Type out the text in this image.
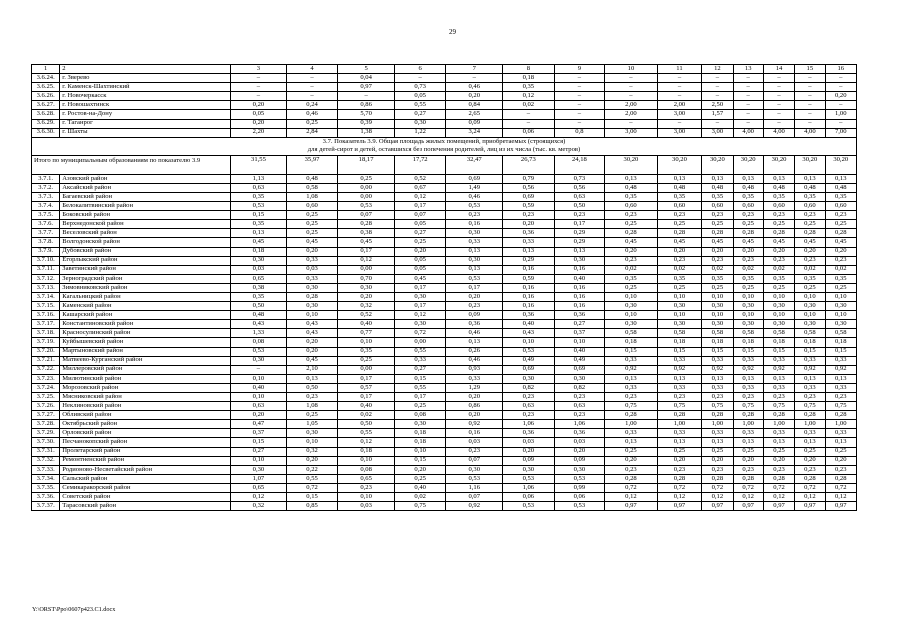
29
1	2	3	4	5	6	7	8	9	10	11	12	13	14	15	16
3.6.24.	г. Зверево	–	–	0,04	–	–	0,18	–	–	–	–	–	–	–	–
3.6.25.	г. Каменск-Шахтинский	–	–	0,97	0,73	0,46	0,35	–	–	–	–	–	–	–	–
3.6.26.	г. Новочеркасск	–	–	–	0,05	0,20	0,12	–	–	–	–	–	–	–	0,20
3.6.27.	г. Новошахтинск	0,20	0,24	0,86	0,55	0,84	0,02	–	2,00	2,00	2,50	–	–	–	–
3.6.28.	г. Ростов-на-Дону	0,05	0,46	5,70	0,27	2,65	–	–	2,00	3,00	1,57	–	–	–	1,00
3.6.29.	г. Таганрог	0,20	0,25	0,39	0,30	0,09	–	–	–	–	–	–	–	–	–
3.6.30.	г. Шахты	2,20	2,84	1,38	1,22	3,24	0,06	0,8	3,00	3,00	3,00	4,00	4,00	4,00	7,00

3.7. Показатель 3.9. Общая площадь жилых помещений, приобретаемых (строящихся)
для детей-сирот и детей, оставшихся без попечения родителей, лиц из их числа (тыс. кв. метров)															

Итого по муниципальным образованиям по показателю 3.9		31,55	35,97	18,17	17,72	32,47	26,73	24,18	30,20	30,20	30,20	30,20	30,20	30,20	30,20
3.7.1.	Азовский район	1,13	0,48	0,25	0,52	0,69	0,79	0,73	0,13	0,13	0,13	0,13	0,13	0,13	0,13
3.7.2.	Аксайский район	0,63	0,58	0,00	0,67	1,49	0,56	0,56	0,48	0,48	0,48	0,48	0,48	0,48	0,48
3.7.3.	Багаевский район	0,35	1,08	0,00	0,12	0,46	0,69	0,63	0,35	0,35	0,35	0,35	0,35	0,35	0,35
3.7.4.	Белокалитвинский район	0,53	0,60	0,53	0,17	0,53	0,59	0,50	0,60	0,60	0,60	0,60	0,60	0,60	0,60
3.7.5.	Боковский район	0,15	0,25	0,07	0,07	0,23	0,23	0,23	0,23	0,23	0,23	0,23	0,23	0,23	0,23
3.7.6.	Верхнедонской район	0,35	0,25	0,28	0,05	0,16	0,20	0,17	0,25	0,25	0,25	0,25	0,25	0,25	0,25
3.7.7.	Веселовский район	0,13	0,25	0,38	0,27	0,30	0,36	0,29	0,28	0,28	0,28	0,28	0,28	0,28	0,28
3.7.8.	Волгодонской район	0,45	0,45	0,45	0,25	0,33	0,33	0,29	0,45	0,45	0,45	0,45	0,45	0,45	0,45
3.7.9.	Дубовский район	0,18	0,20	0,17	0,20	0,13	0,13	0,13	0,20	0,20	0,20	0,20	0,20	0,20	0,20
3.7.10.	Егорлыкский район	0,30	0,33	0,12	0,05	0,30	0,29	0,30	0,23	0,23	0,23	0,23	0,23	0,23	0,23
3.7.11.	Заветинский район	0,03	0,03	0,00	0,05	0,13	0,16	0,16	0,02	0,02	0,02	0,02	0,02	0,02	0,02
3.7.12.	Зерноградский район	0,65	0,33	0,70	0,45	0,53	0,59	0,40	0,35	0,35	0,35	0,35	0,35	0,35	0,35
3.7.13.	Зимовниковский район	0,38	0,30	0,30	0,17	0,17	0,16	0,16	0,25	0,25	0,25	0,25	0,25	0,25	0,25
3.7.14.	Кагальницкий район	0,35	0,28	0,20	0,30	0,20	0,16	0,16	0,10	0,10	0,10	0,10	0,10	0,10	0,10
3.7.15.	Каменский район	0,50	0,30	0,32	0,17	0,23	0,16	0,16	0,30	0,30	0,30	0,30	0,30	0,30	0,30
3.7.16.	Кашарский район	0,48	0,10	0,52	0,12	0,09	0,36	0,36	0,10	0,10	0,10	0,10	0,10	0,10	0,10
3.7.17.	Константиновский район	0,43	0,43	0,40	0,30	0,36	0,40	0,27	0,30	0,30	0,30	0,30	0,30	0,30	0,30
3.7.18.	Красносулинский район	1,33	0,43	0,77	0,72	0,46	0,43	0,37	0,58	0,58	0,58	0,58	0,58	0,58	0,58
3.7.19.	Куйбышевский район	0,08	0,20	0,10	0,00	0,13	0,10	0,10	0,18	0,18	0,18	0,18	0,18	0,18	0,18
3.7.20.	Мартыновский район	0,53	0,20	0,35	0,55	0,26	0,53	0,40	0,15	0,15	0,15	0,15	0,15	0,15	0,15
3.7.21.	Матвеево-Курганский район	0,30	0,45	0,25	0,33	0,46	0,49	0,49	0,33	0,33	0,33	0,33	0,33	0,33	0,33
3.7.22.	Миллеровский район	–	2,10	0,00	0,27	0,93	0,69	0,69	0,92	0,92	0,92	0,92	0,92	0,92	0,92
3.7.23.	Милютинский район	0,10	0,13	0,17	0,15	0,33	0,30	0,30	0,13	0,13	0,13	0,13	0,13	0,13	0,13
3.7.24.	Морозовский район	0,40	0,50	0,57	0,55	1,29	0,82	0,82	0,33	0,33	0,33	0,33	0,33	0,33	0,33
3.7.25.	Мясниковский район	0,10	0,23	0,17	0,17	0,20	0,23	0,23	0,23	0,23	0,23	0,23	0,23	0,23	0,23
3.7.26.	Неклиновский район	0,63	1,08	0,40	0,25	0,86	0,63	0,63	0,75	0,75	0,75	0,75	0,75	0,75	0,75
3.7.27.	Обливский район	0,20	0,25	0,02	0,08	0,20	0,23	0,23	0,28	0,28	0,28	0,28	0,28	0,28	0,28
3.7.28.	Октябрьский район	0,47	1,05	0,50	0,30	0,92	1,06	1,06	1,00	1,00	1,00	1,00	1,00	1,00	1,00
3.7.29.	Орловский район	0,37	0,30	0,55	0,18	0,16	0,36	0,36	0,33	0,33	0,33	0,33	0,33	0,33	0,33
3.7.30.	Песчанокопский район	0,15	0,10	0,12	0,18	0,03	0,03	0,03	0,13	0,13	0,13	0,13	0,13	0,13	0,13
3.7.31.	Пролетарский район	0,27	0,32	0,18	0,10	0,23	0,20	0,20	0,25	0,25	0,25	0,25	0,25	0,25	0,25
3.7.32.	Ремонтненский район	0,10	0,20	0,10	0,15	0,07	0,09	0,09	0,20	0,20	0,20	0,20	0,20	0,20	0,20
3.7.33.	Родионово-Несветайский район	0,30	0,22	0,08	0,20	0,30	0,30	0,30	0,23	0,23	0,23	0,23	0,23	0,23	0,23
3.7.34.	Сальский район	1,07	0,55	0,65	0,25	0,53	0,53	0,53	0,28	0,28	0,28	0,28	0,28	0,28	0,28
3.7.35.	Семикаракорский район	0,65	0,72	0,23	0,40	1,16	1,06	0,99	0,72	0,72	0,72	0,72	0,72	0,72	0,72
3.7.36.	Советский район	0,12	0,15	0,10	0,02	0,07	0,06	0,06	0,12	0,12	0,12	0,12	0,12	0,12	0,12
3.7.37.	Тарасовский район	0,32	0,85	0,03	0,75	0,92	0,53	0,53	0,97	0,97	0,97	0,97	0,97	0,97	0,97
Y:\ORST\Ppo\0607p423.C1.docx
